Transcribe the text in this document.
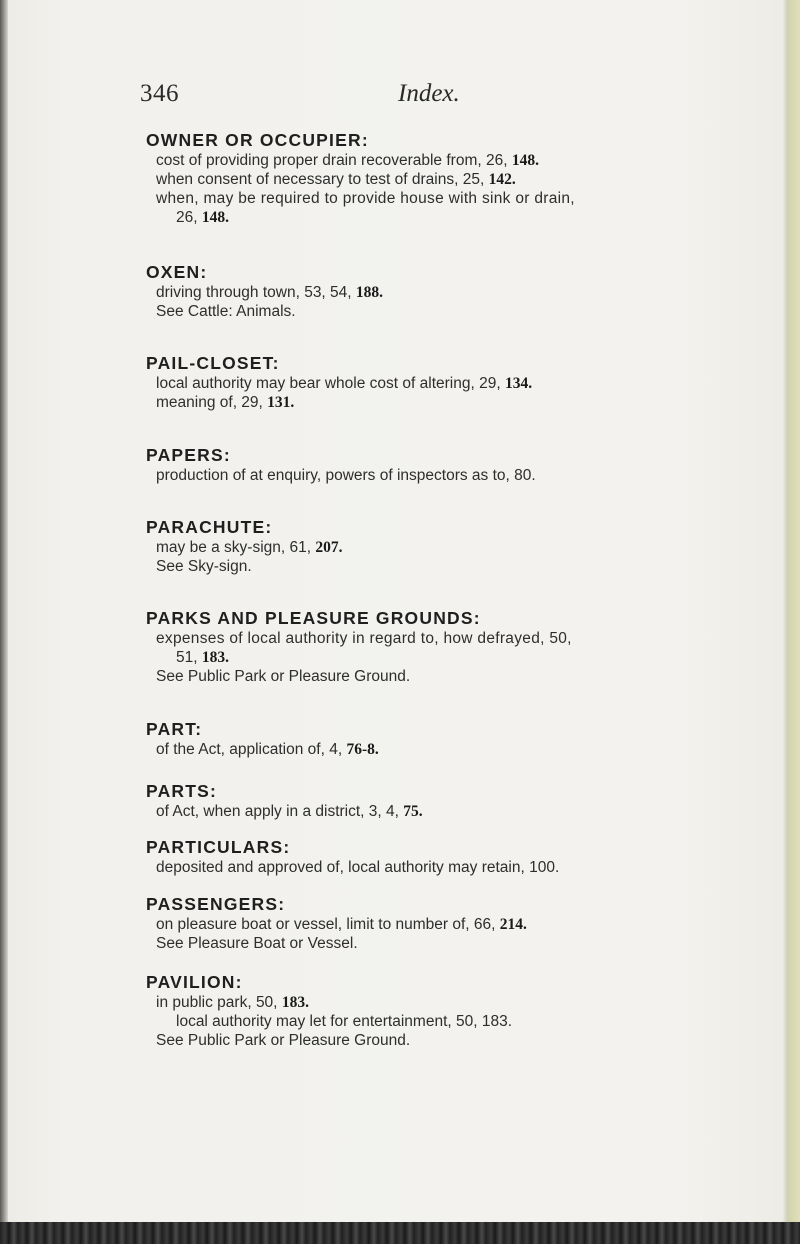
346	Index.
OWNER OR OCCUPIER:
cost of providing proper drain recoverable from, 26, 148.
when consent of necessary to test of drains, 25, 142.
when, may be required to provide house with sink or drain,
26, 148.
OXEN:
driving through town, 53, 54, 188.
See Cattle: Animals.
PAIL-CLOSET:
local authority may bear whole cost of altering, 29, 134.
meaning of, 29, 131.
PAPERS:
production of at enquiry, powers of inspectors as to, 80.
PARACHUTE:
may be a sky-sign, 61, 207.
See Sky-sign.
PARKS AND PLEASURE GROUNDS:
expenses of local authority in regard to, how defrayed, 50,
51, 183.
See Public Park or Pleasure Ground.
PART:
of the Act, application of, 4, 76-8.
PARTS:
of Act, when apply in a district, 3, 4, 75.
PARTICULARS:
deposited and approved of, local authority may retain, 100.
PASSENGERS:
on pleasure boat or vessel, limit to number of, 66, 214.
See Pleasure Boat or Vessel.
PAVILION:
in public park, 50, 183.
local authority may let for entertainment, 50, 183.
See Public Park or Pleasure Ground.
